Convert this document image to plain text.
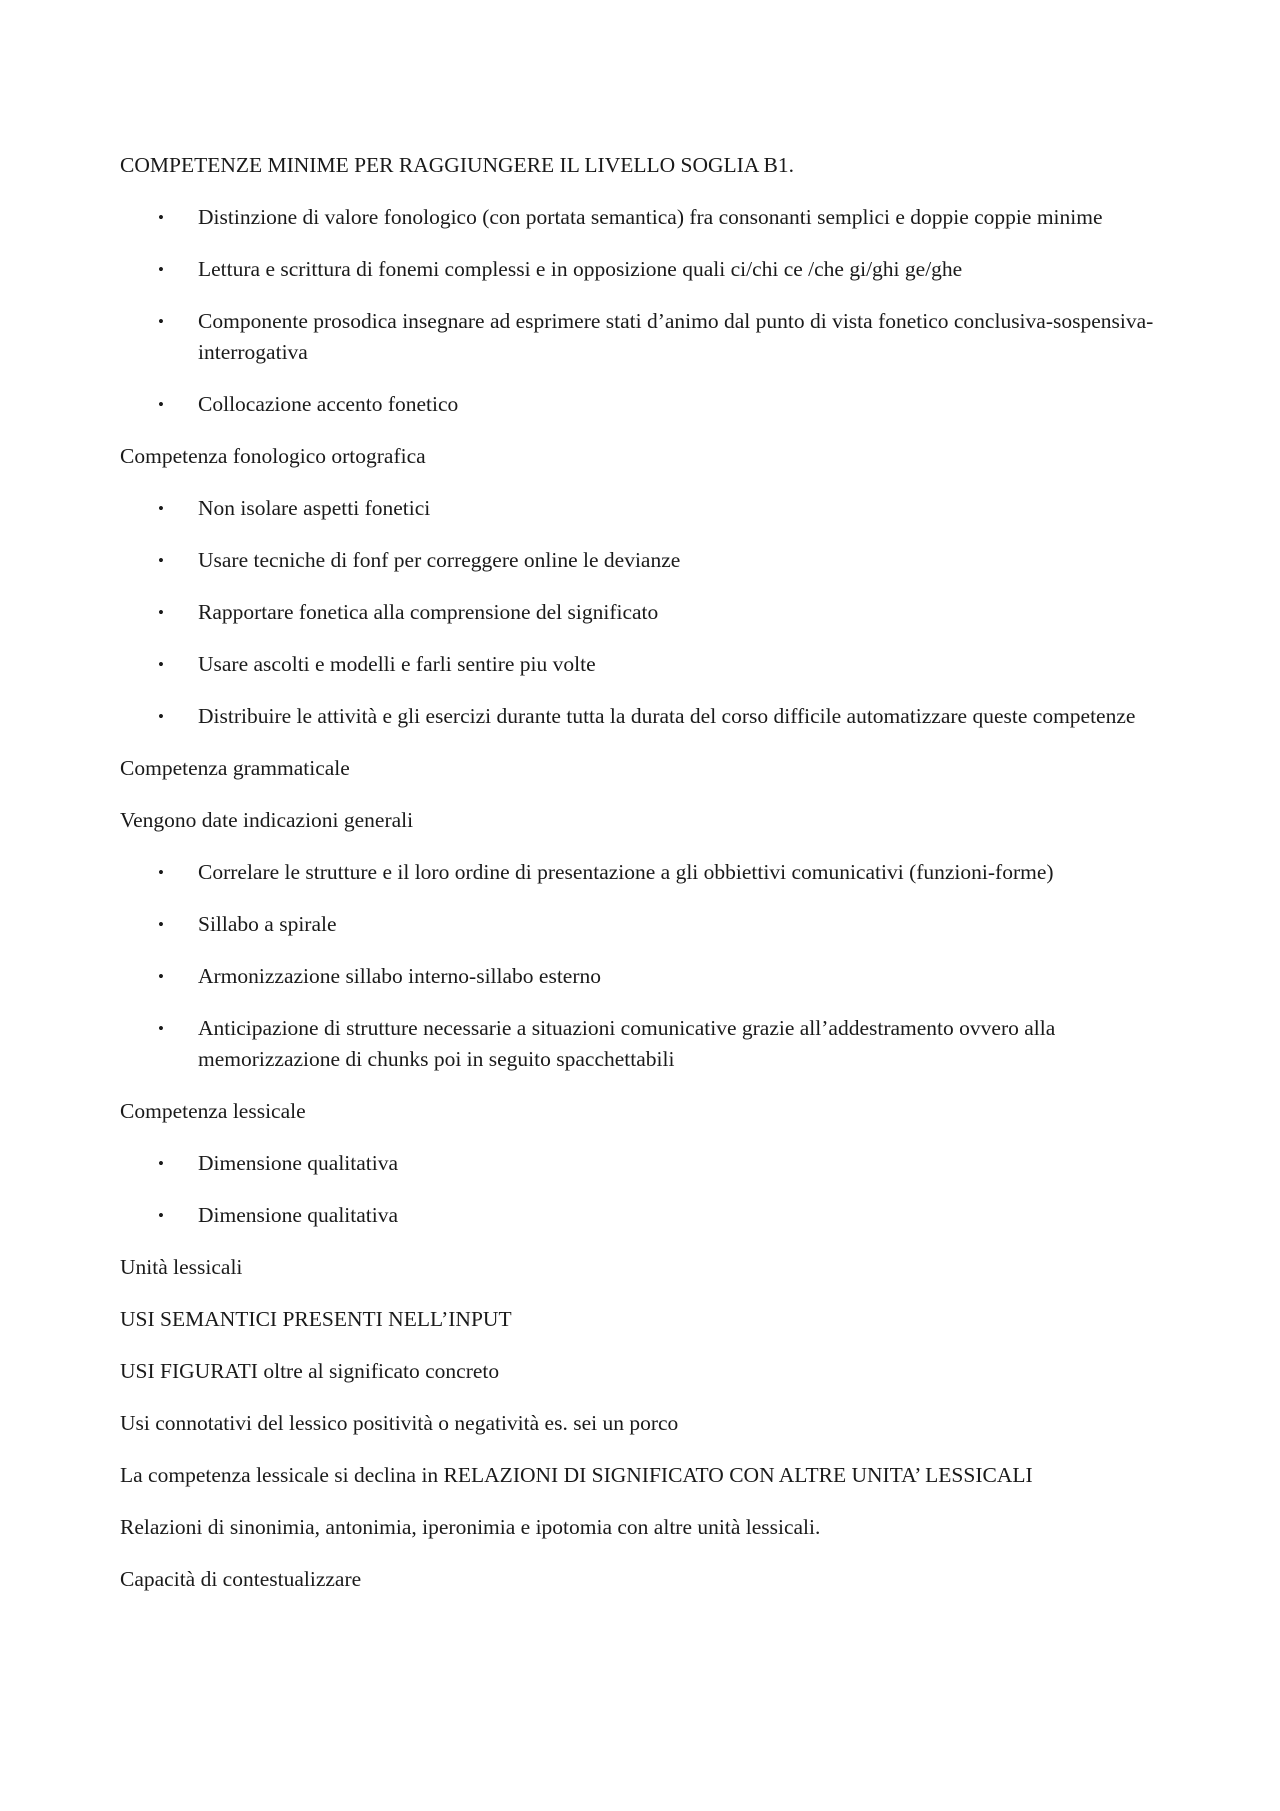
COMPETENZE MINIME PER RAGGIUNGERE IL LIVELLO SOGLIA B1.

• Distinzione di valore fonologico (con portata semantica) fra consonanti semplici e doppie coppie minime
• Lettura e scrittura di fonemi complessi e in opposizione quali ci/chi ce /che gi/ghi ge/ghe
• Componente prosodica insegnare ad esprimere stati d’animo dal punto di vista fonetico conclusiva-sospensiva-interrogativa
• Collocazione accento fonetico

Competenza fonologico ortografica

• Non isolare aspetti fonetici
• Usare tecniche di fonf per correggere online le devianze
• Rapportare fonetica alla comprensione del significato
• Usare ascolti e modelli e farli sentire piu volte
• Distribuire le attività e gli esercizi durante tutta la durata del corso difficile automatizzare queste competenze

Competenza grammaticale

Vengono date indicazioni generali

• Correlare le strutture e il loro ordine di presentazione a gli obbiettivi comunicativi (funzioni-forme)
• Sillabo a spirale
• Armonizzazione sillabo interno-sillabo esterno
• Anticipazione di strutture necessarie a situazioni comunicative grazie all’addestramento ovvero alla memorizzazione di chunks poi in seguito spacchettabili

Competenza lessicale

• Dimensione qualitativa
• Dimensione qualitativa

Unità lessicali

USI SEMANTICI PRESENTI NELL’INPUT

USI FIGURATI oltre al significato concreto

Usi connotativi del lessico positività o negatività es. sei un porco

La competenza lessicale si declina in RELAZIONI DI SIGNIFICATO CON ALTRE UNITA’ LESSICALI

Relazioni di sinonimia, antonimia, iperonimia e ipotomia con altre unità lessicali.

Capacità di contestualizzare
